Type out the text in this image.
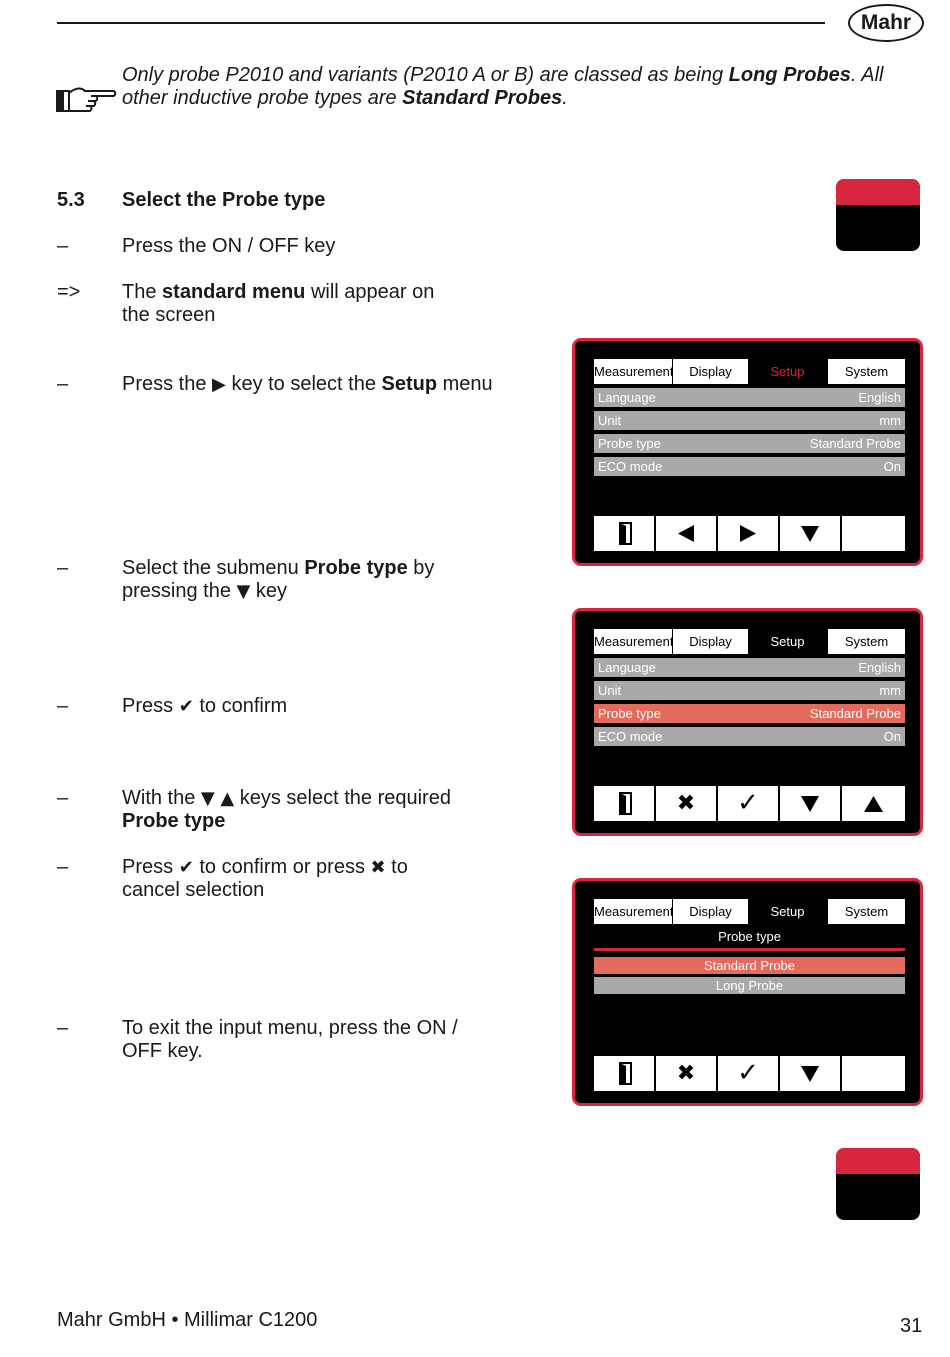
Mahr
Only probe P2010 and variants (P2010 A or B) are classed as being Long Probes. All other inductive probe types are Standard Probes.
5.3 Select the Probe type
–	Press the ON / OFF key
=> The standard menu will appear on the screen
–	Press the ▶ key to select the Setup menu
–	Select the submenu Probe type by pressing the ▼ key
–	Press ✔ to confirm
–	With the ▼ ▲ keys select the required Probe type
–	Press ✔ to confirm or press ✖ to cancel selection
–	To exit the input menu, press the ON / OFF key.
Measurement	Display	Setup	System
Language	English
Unit	mm
Probe type	Standard Probe
ECO mode	On
Measurement	Display	Setup	System
Language	English
Unit	mm
Probe type	Standard Probe
ECO mode	On
✖	✓
Measurement	Display	Setup	System
Probe type
Standard Probe
Long Probe
✖	✓
Mahr GmbH • Millimar C1200	31
